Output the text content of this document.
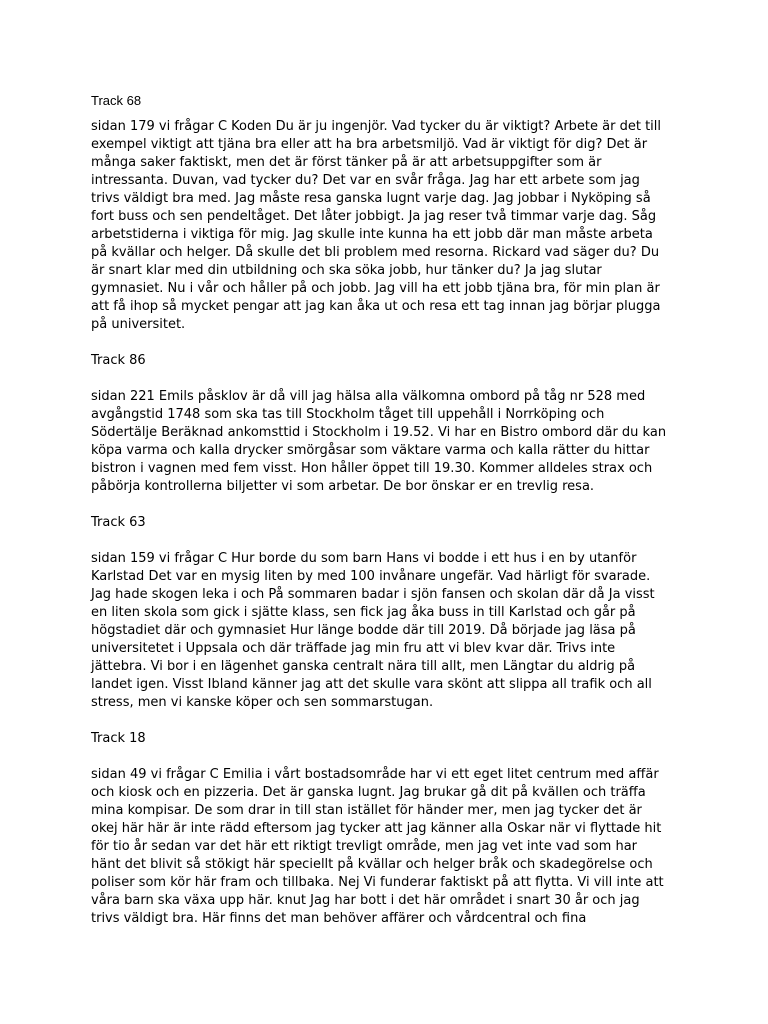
Track 68
sidan 179 vi frågar C Koden Du är ju ingenjör. Vad tycker du är viktigt? Arbete är det till
exempel viktigt att tjäna bra eller att ha bra arbetsmiljö. Vad är viktigt för dig? Det är
många saker faktiskt, men det är först tänker på är att arbetsuppgifter som är
intressanta. Duvan, vad tycker du? Det var en svår fråga. Jag har ett arbete som jag
trivs väldigt bra med. Jag måste resa ganska lugnt varje dag. Jag jobbar i Nyköping så
fort buss och sen pendeltåget. Det låter jobbigt. Ja jag reser två timmar varje dag. Såg
arbetstiderna i viktiga för mig. Jag skulle inte kunna ha ett jobb där man måste arbeta
på kvällar och helger. Då skulle det bli problem med resorna. Rickard vad säger du? Du
är snart klar med din utbildning och ska söka jobb, hur tänker du? Ja jag slutar
gymnasiet. Nu i vår och håller på och jobb. Jag vill ha ett jobb tjäna bra, för min plan är
att få ihop så mycket pengar att jag kan åka ut och resa ett tag innan jag börjar plugga
på universitet.
Track 86
sidan 221 Emils påsklov är då vill jag hälsa alla välkomna ombord på tåg nr 528 med
avgångstid 1748 som ska tas till Stockholm tåget till uppehåll i Norrköping och
Södertälje Beräknad ankomsttid i Stockholm i 19.52. Vi har en Bistro ombord där du kan
köpa varma och kalla drycker smörgåsar som väktare varma och kalla rätter du hittar
bistron i vagnen med fem visst. Hon håller öppet till 19.30. Kommer alldeles strax och
påbörja kontrollerna biljetter vi som arbetar. De bor önskar er en trevlig resa.
Track 63
sidan 159 vi frågar C Hur borde du som barn Hans vi bodde i ett hus i en by utanför
Karlstad Det var en mysig liten by med 100 invånare ungefär. Vad härligt för svarade.
Jag hade skogen leka i och På sommaren badar i sjön fansen och skolan där då Ja visst
en liten skola som gick i sjätte klass, sen fick jag åka buss in till Karlstad och går på
högstadiet där och gymnasiet Hur länge bodde där till 2019. Då började jag läsa på
universitetet i Uppsala och där träffade jag min fru att vi blev kvar där. Trivs inte
jättebra. Vi bor i en lägenhet ganska centralt nära till allt, men Längtar du aldrig på
landet igen. Visst Ibland känner jag att det skulle vara skönt att slippa all trafik och all
stress, men vi kanske köper och sen sommarstugan.
Track 18
sidan 49 vi frågar C Emilia i vårt bostadsområde har vi ett eget litet centrum med affär
och kiosk och en pizzeria. Det är ganska lugnt. Jag brukar gå dit på kvällen och träffa
mina kompisar. De som drar in till stan istället för händer mer, men jag tycker det är
okej här här är inte rädd eftersom jag tycker att jag känner alla Oskar när vi flyttade hit
för tio år sedan var det här ett riktigt trevligt område, men jag vet inte vad som har
hänt det blivit så stökigt här speciellt på kvällar och helger bråk och skadegörelse och
poliser som kör här fram och tillbaka. Nej Vi funderar faktiskt på att flytta. Vi vill inte att
våra barn ska växa upp här. knut Jag har bott i det här området i snart 30 år och jag
trivs väldigt bra. Här finns det man behöver affärer och vårdcentral och fina
